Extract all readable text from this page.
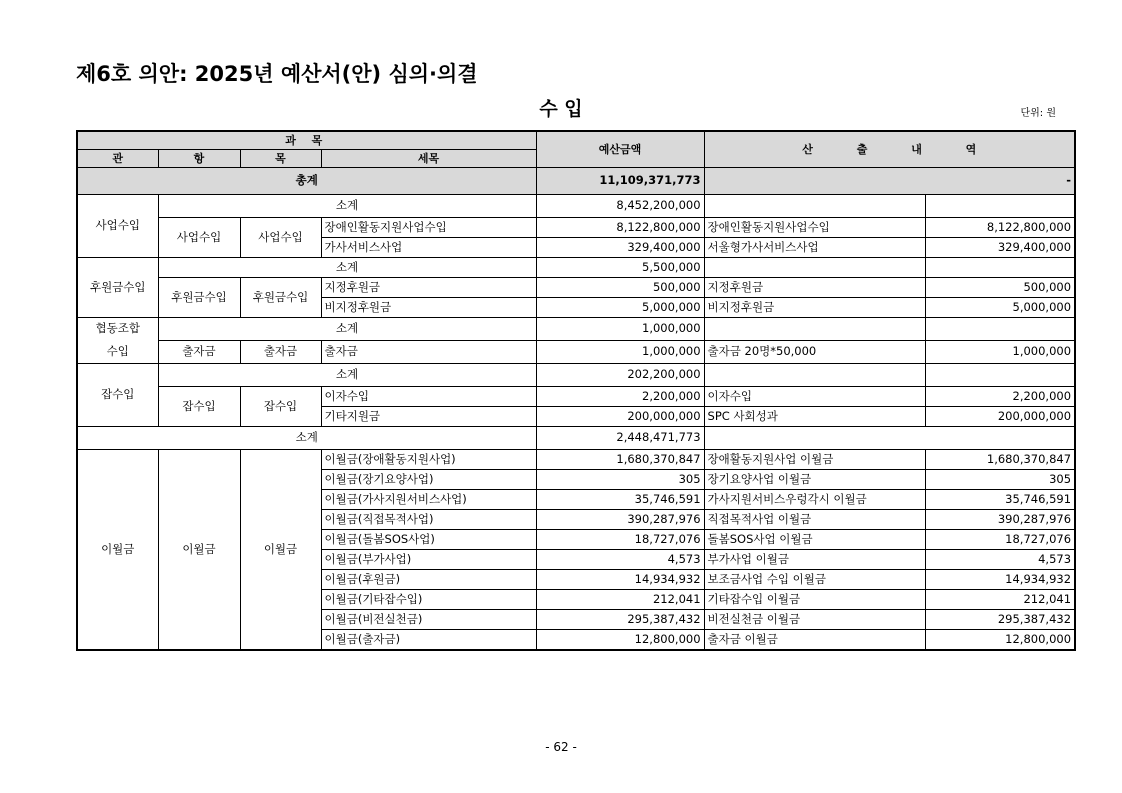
제6호 의안: 2025년 예산서(안) 심의·의결
수 입	단위: 원
과 목				예산금액	산 출 내 역	
관	항	목	세목			
총계				11,109,371,773	-	
사업수입	소계			8,452,200,000		
	사업수입	사업수입	장애인활동지원사업수입	8,122,800,000	장애인활동지원사업수입	8,122,800,000
			가사서비스사업	329,400,000	서울형가사서비스사업	329,400,000
후원금수입	소계			5,500,000		
	후원금수입	후원금수입	지정후원금	500,000	지정후원금	500,000
			비지정후원금	5,000,000	비지정후원금	5,000,000
협동조합	소계			1,000,000		
수입	출자금	출자금	출자금	1,000,000	출자금 20명*50,000	1,000,000
잡수입	소계			202,200,000		
	잡수입	잡수입	이자수입	2,200,000	이자수입	2,200,000
			기타지원금	200,000,000	SPC 사회성과	200,000,000
소계				2,448,471,773		
이월금	이월금	이월금	이월금(장애활동지원사업)	1,680,370,847	장애활동지원사업 이월금	1,680,370,847
			이월금(장기요양사업)	305	장기요양사업 이월금	305
			이월금(가사지원서비스사업)	35,746,591	가사지원서비스우렁각시 이월금	35,746,591
			이월금(직접목적사업)	390,287,976	직접목적사업 이월금	390,287,976
			이월금(돌봄SOS사업)	18,727,076	돌봄SOS사업 이월금	18,727,076
			이월금(부가사업)	4,573	부가사업 이월금	4,573
			이월금(후원금)	14,934,932	보조금사업 수입 이월금	14,934,932
			이월금(기타잡수입)	212,041	기타잡수입 이월금	212,041
			이월금(비전실천금)	295,387,432	비전실천금 이월금	295,387,432
			이월금(출자금)	12,800,000	출자금 이월금	12,800,000
- 62 -
